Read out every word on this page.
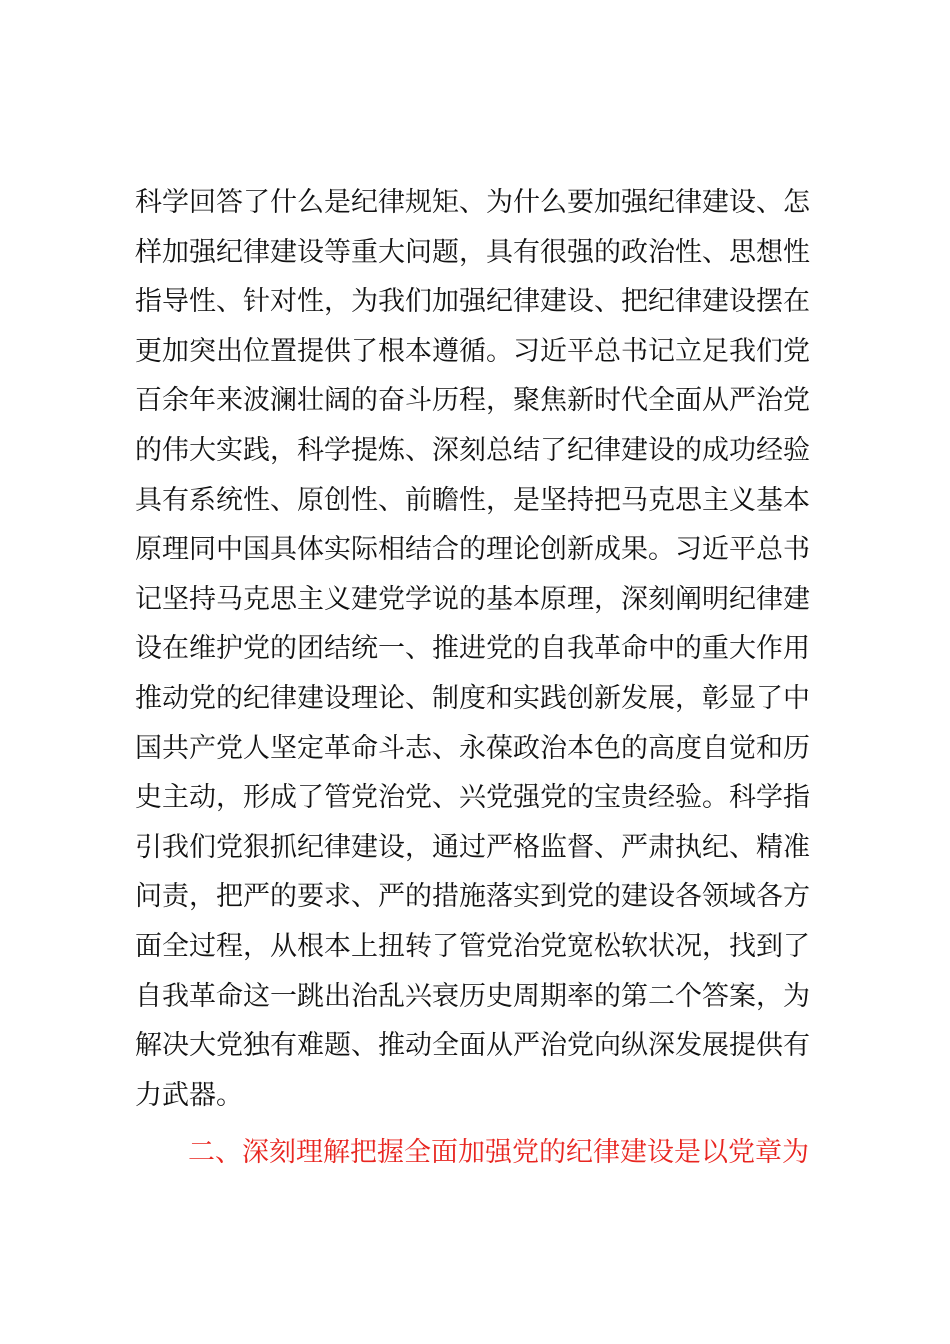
科学回答了什么是纪律规矩、为什么要加强纪律建设、怎
样加强纪律建设等重大问题，具有很强的政治性、思想性
指导性、针对性，为我们加强纪律建设、把纪律建设摆在
更加突出位置提供了根本遵循。习近平总书记立足我们党
百余年来波澜壮阔的奋斗历程，聚焦新时代全面从严治党
的伟大实践，科学提炼、深刻总结了纪律建设的成功经验
具有系统性、原创性、前瞻性，是坚持把马克思主义基本
原理同中国具体实际相结合的理论创新成果。习近平总书
记坚持马克思主义建党学说的基本原理，深刻阐明纪律建
设在维护党的团结统一、推进党的自我革命中的重大作用
推动党的纪律建设理论、制度和实践创新发展，彰显了中
国共产党人坚定革命斗志、永葆政治本色的高度自觉和历
史主动，形成了管党治党、兴党强党的宝贵经验。科学指
引我们党狠抓纪律建设，通过严格监督、严肃执纪、精准
问责，把严的要求、严的措施落实到党的建设各领域各方
面全过程，从根本上扭转了管党治党宽松软状况，找到了
自我革命这一跳出治乱兴衰历史周期率的第二个答案，为
解决大党独有难题、推动全面从严治党向纵深发展提供有
力武器。
二、深刻理解把握全面加强党的纪律建设是以党章为
